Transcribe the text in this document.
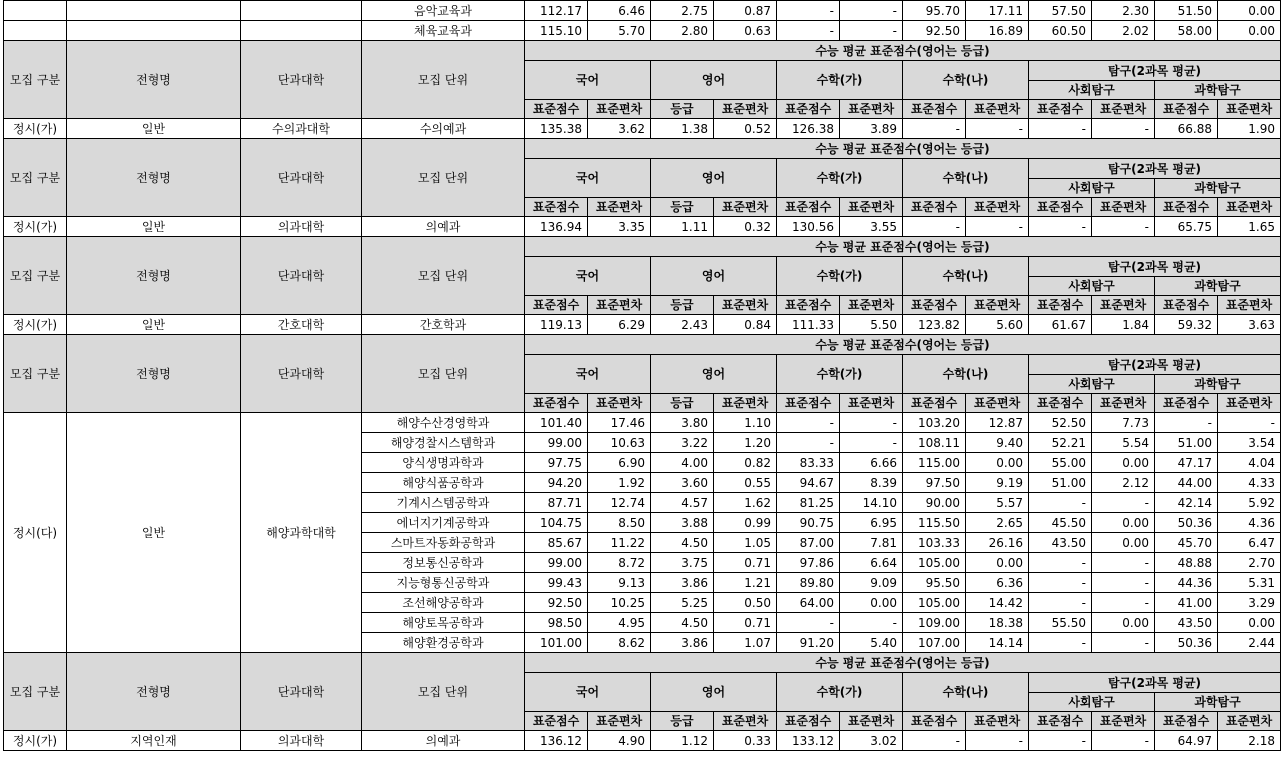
			음악교육과	112.17	6.46	2.75	0.87	-	-	95.70	17.11	57.50	2.30	51.50	0.00
			체육교육과	115.10	5.70	2.80	0.63	-	-	92.50	16.89	60.50	2.02	58.00	0.00
모집 구분	전형명	단과대학	모집 단위	수능 평균 표준점수(영어는 등급)											
				국어		영어		수학(가)		수학(나)		탐구(2과목 평균)			
												사회탐구		과학탐구	
				표준점수	표준편차	등급	표준편차	표준점수	표준편차	표준점수	표준편차	표준점수	표준편차	표준점수	표준편차
정시(가)	일반	수의과대학	수의예과	135.38	3.62	1.38	0.52	126.38	3.89	-	-	-	-	66.88	1.90
모집 구분	전형명	단과대학	모집 단위	수능 평균 표준점수(영어는 등급)											
				국어		영어		수학(가)		수학(나)		탐구(2과목 평균)			
												사회탐구		과학탐구	
				표준점수	표준편차	등급	표준편차	표준점수	표준편차	표준점수	표준편차	표준점수	표준편차	표준점수	표준편차
정시(가)	일반	의과대학	의예과	136.94	3.35	1.11	0.32	130.56	3.55	-	-	-	-	65.75	1.65
모집 구분	전형명	단과대학	모집 단위	수능 평균 표준점수(영어는 등급)											
				국어		영어		수학(가)		수학(나)		탐구(2과목 평균)			
												사회탐구		과학탐구	
				표준점수	표준편차	등급	표준편차	표준점수	표준편차	표준점수	표준편차	표준점수	표준편차	표준점수	표준편차
정시(가)	일반	간호대학	간호학과	119.13	6.29	2.43	0.84	111.33	5.50	123.82	5.60	61.67	1.84	59.32	3.63
모집 구분	전형명	단과대학	모집 단위	수능 평균 표준점수(영어는 등급)											
				국어		영어		수학(가)		수학(나)		탐구(2과목 평균)			
												사회탐구		과학탐구	
				표준점수	표준편차	등급	표준편차	표준점수	표준편차	표준점수	표준편차	표준점수	표준편차	표준점수	표준편차
정시(다)	일반	해양과학대학	해양수산경영학과	101.40	17.46	3.80	1.10	-	-	103.20	12.87	52.50	7.73	-	-
			해양경찰시스템학과	99.00	10.63	3.22	1.20	-	-	108.11	9.40	52.21	5.54	51.00	3.54
			양식생명과학과	97.75	6.90	4.00	0.82	83.33	6.66	115.00	0.00	55.00	0.00	47.17	4.04
			해양식품공학과	94.20	1.92	3.60	0.55	94.67	8.39	97.50	9.19	51.00	2.12	44.00	4.33
			기계시스템공학과	87.71	12.74	4.57	1.62	81.25	14.10	90.00	5.57	-	-	42.14	5.92
			에너지기계공학과	104.75	8.50	3.88	0.99	90.75	6.95	115.50	2.65	45.50	0.00	50.36	4.36
			스마트자동화공학과	85.67	11.22	4.50	1.05	87.00	7.81	103.33	26.16	43.50	0.00	45.70	6.47
			정보통신공학과	99.00	8.72	3.75	0.71	97.86	6.64	105.00	0.00	-	-	48.88	2.70
			지능형통신공학과	99.43	9.13	3.86	1.21	89.80	9.09	95.50	6.36	-	-	44.36	5.31
			조선해양공학과	92.50	10.25	5.25	0.50	64.00	0.00	105.00	14.42	-	-	41.00	3.29
			해양토목공학과	98.50	4.95	4.50	0.71	-	-	109.00	18.38	55.50	0.00	43.50	0.00
			해양환경공학과	101.00	8.62	3.86	1.07	91.20	5.40	107.00	14.14	-	-	50.36	2.44
모집 구분	전형명	단과대학	모집 단위	수능 평균 표준점수(영어는 등급)											
				국어		영어		수학(가)		수학(나)		탐구(2과목 평균)			
												사회탐구		과학탐구	
				표준점수	표준편차	등급	표준편차	표준점수	표준편차	표준점수	표준편차	표준점수	표준편차	표준점수	표준편차
정시(가)	지역인재	의과대학	의예과	136.12	4.90	1.12	0.33	133.12	3.02	-	-	-	-	64.97	2.18
